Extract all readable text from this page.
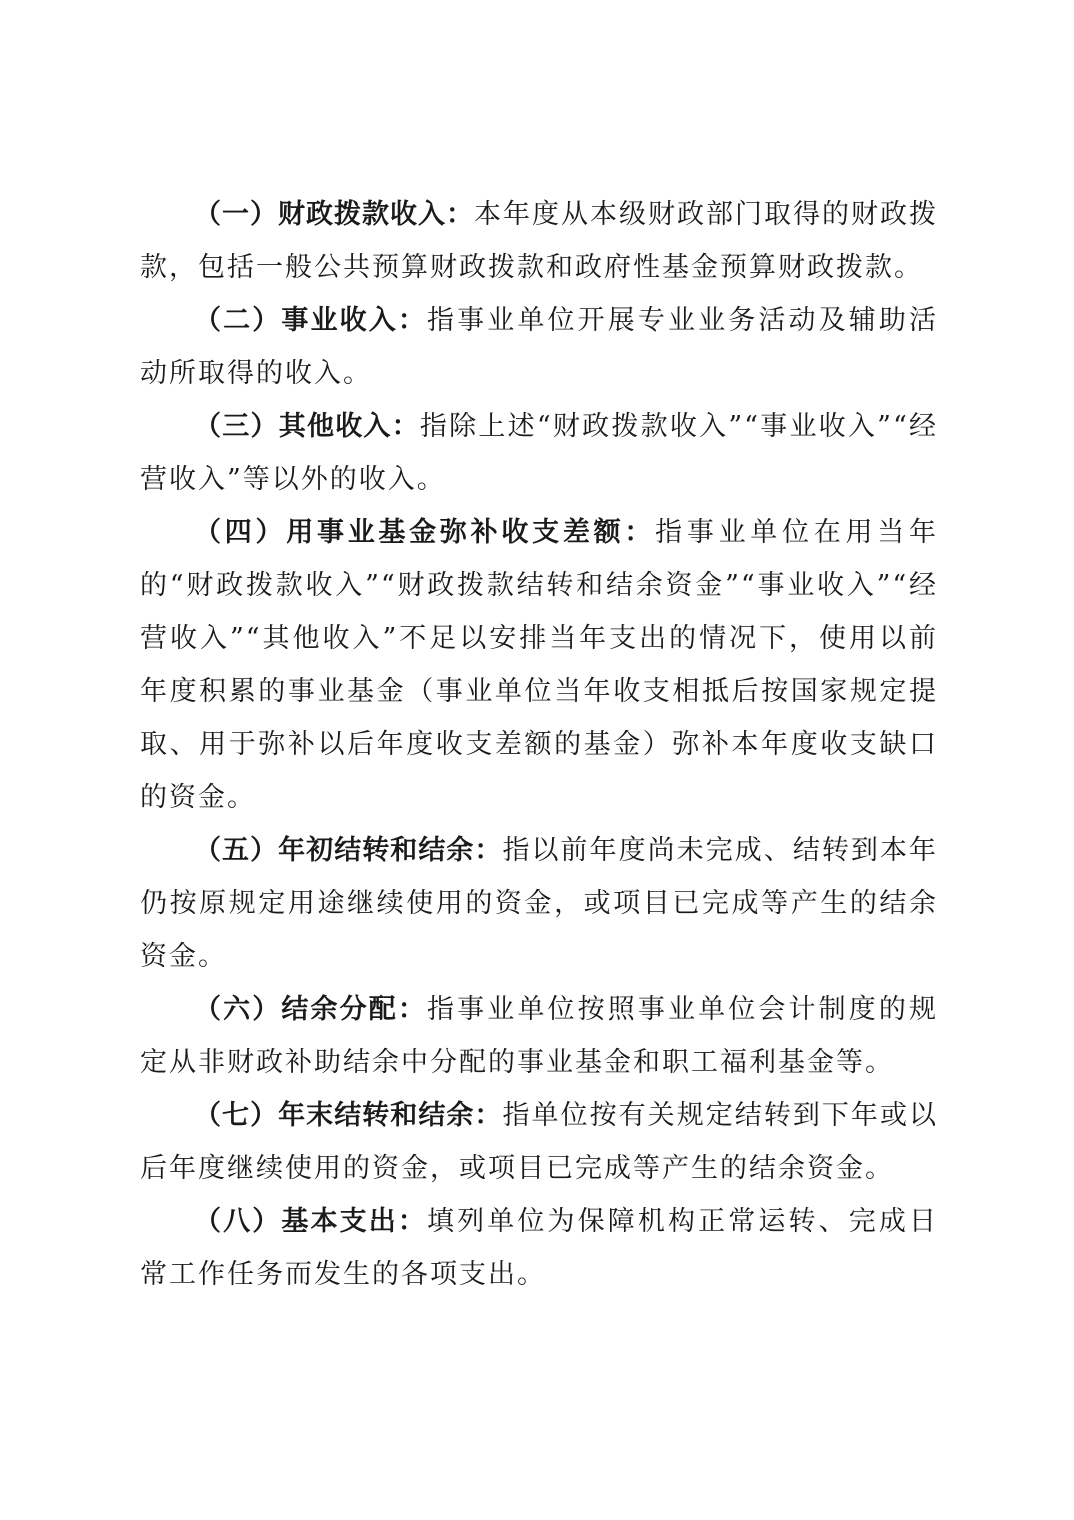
（一）财政拨款收入：本年度从本级财政部门取得的财政拨款，包括一般公共预算财政拨款和政府性基金预算财政拨款。

（二）事业收入：指事业单位开展专业业务活动及辅助活动所取得的收入。

（三）其他收入：指除上述“财政拨款收入”“事业收入”“经营收入”等以外的收入。

（四）用事业基金弥补收支差额：指事业单位在用当年的“财政拨款收入”“财政拨款结转和结余资金”“事业收入”“经营收入”“其他收入”不足以安排当年支出的情况下，使用以前年度积累的事业基金（事业单位当年收支相抵后按国家规定提取、用于弥补以后年度收支差额的基金）弥补本年度收支缺口的资金。

（五）年初结转和结余：指以前年度尚未完成、结转到本年仍按原规定用途继续使用的资金，或项目已完成等产生的结余资金。

（六）结余分配：指事业单位按照事业单位会计制度的规定从非财政补助结余中分配的事业基金和职工福利基金等。

（七）年末结转和结余：指单位按有关规定结转到下年或以后年度继续使用的资金，或项目已完成等产生的结余资金。

（八）基本支出：填列单位为保障机构正常运转、完成日常工作任务而发生的各项支出。
